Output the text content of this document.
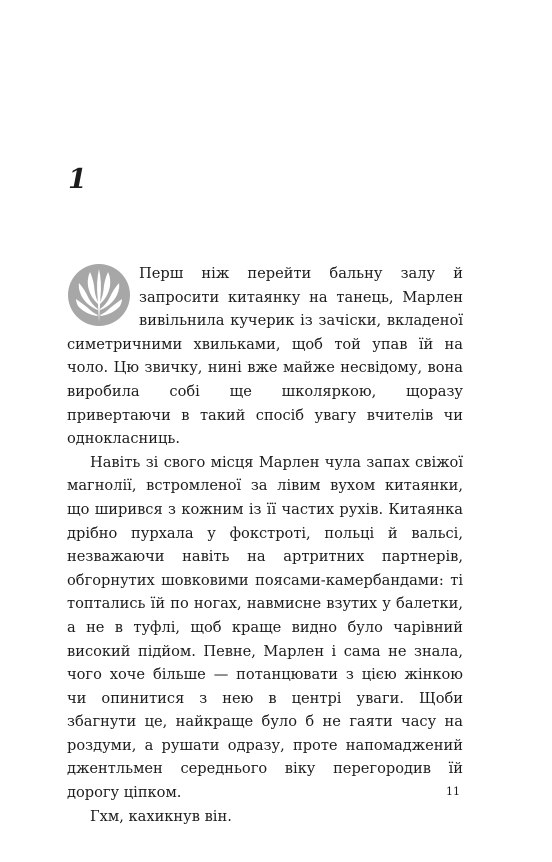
1

Перш ніж перейти бальну залу й запросити китаянку на танець, Марлен вивільнила кучерик із зачіски, вкладеної симетричними хвильками, щоб той упав їй на чоло. Цю звичку, нині вже майже несвідому, вона виробила собі ще школяркою, щоразу привертаючи в такий спосіб увагу вчителів чи однокласниць.

Навіть зі свого місця Марлен чула запах свіжої магнолії, встромленої за лівим вухом китаянки, що ширився з кожним із її частих рухів. Китаянка дрібно пурхала у фокстроті, польці й вальсі, незважаючи навіть на артритних партнерів, обгорнутих шовковими поясами-камербандами: ті топтались їй по ногах, навмисне взутих у балетки, а не в туфлі, щоб краще видно було чарівний високий підйом. Певне, Марлен і сама не знала, чого хоче більше — потанцювати з цією жінкою чи опинитися з нею в центрі уваги. Щоби збагнути це, найкраще було б не гаяти часу на роздуми, а рушати одразу, проте напомаджений джентльмен середнього віку перегородив їй дорогу ціпком.

Гхм, кахикнув він.

11
